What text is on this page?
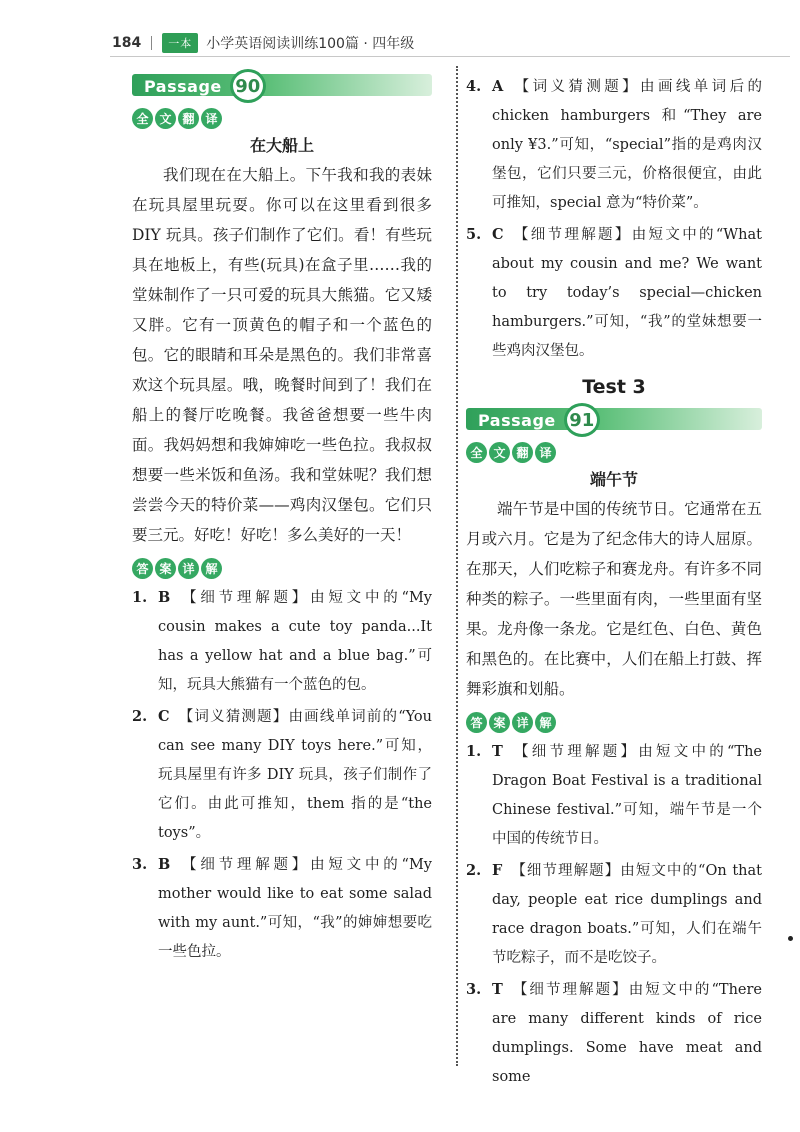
184	一本	小学英语阅读训练100篇 · 四年级
Passage 90
全 文 翻 译
在大船上

我们现在在大船上。下午我和我的表妹在玩具屋里玩耍。你可以在这里看到很多 DIY 玩具。孩子们制作了它们。看！有些玩具在地板上，有些(玩具)在盒子里……我的堂妹制作了一只可爱的玩具大熊猫。它又矮又胖。它有一顶黄色的帽子和一个蓝色的包。它的眼睛和耳朵是黑色的。我们非常喜欢这个玩具屋。哦，晚餐时间到了！我们在船上的餐厅吃晚餐。我爸爸想要一些牛肉面。我妈妈想和我婶婶吃一些色拉。我叔叔想要一些米饭和鱼汤。我和堂妹呢？我们想尝尝今天的特价菜——鸡肉汉堡包。它们只要三元。好吃！好吃！多么美好的一天！

答 案 详 解
1. B 【细节理解题】由短文中的“My cousin makes a cute toy panda...It has a yellow hat and a blue bag.”可知，玩具大熊猫有一个蓝色的包。
2. C 【词义猜测题】由画线单词前的“You can see many DIY toys here.”可知，玩具屋里有许多 DIY 玩具，孩子们制作了它们。由此可推知，them 指的是“the toys”。
3. B 【细节理解题】由短文中的“My mother would like to eat some salad with my aunt.”可知，“我”的婶婶想要吃一些色拉。
4. A 【词义猜测题】由画线单词后的 chicken hamburgers 和“They are only ¥3.”可知，“special”指的是鸡肉汉堡包，它们只要三元，价格很便宜，由此可推知，special 意为“特价菜”。
5. C 【细节理解题】由短文中的“What about my cousin and me? We want to try today’s special—chicken hamburgers.”可知，“我”的堂妹想要一些鸡肉汉堡包。
Test 3
Passage 91
全 文 翻 译
端午节

端午节是中国的传统节日。它通常在五月或六月。它是为了纪念伟大的诗人屈原。在那天，人们吃粽子和赛龙舟。有许多不同种类的粽子。一些里面有肉，一些里面有坚果。龙舟像一条龙。它是红色、白色、黄色和黑色的。在比赛中，人们在船上打鼓、挥舞彩旗和划船。

答 案 详 解
1. T 【细节理解题】由短文中的“The Dragon Boat Festival is a traditional Chinese festival.”可知，端午节是一个中国的传统节日。
2. F 【细节理解题】由短文中的“On that day, people eat rice dumplings and race dragon boats.”可知，人们在端午节吃粽子，而不是吃饺子。
3. T 【细节理解题】由短文中的“There are many different kinds of rice dumplings. Some have meat and some
